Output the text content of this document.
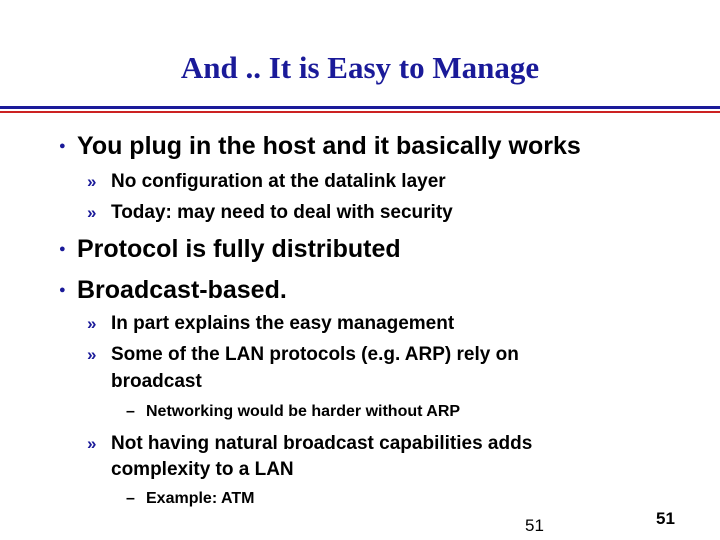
And .. It is Easy to Manage
● You plug in the host and it basically works
» No configuration at the datalink layer
» Today: may need to deal with security
● Protocol is fully distributed
● Broadcast-based.
» In part explains the easy management
» Some of the LAN protocols (e.g. ARP) rely on
broadcast
– Networking would be harder without ARP
» Not having natural broadcast capabilities adds
complexity to a LAN
– Example: ATM
51	51
